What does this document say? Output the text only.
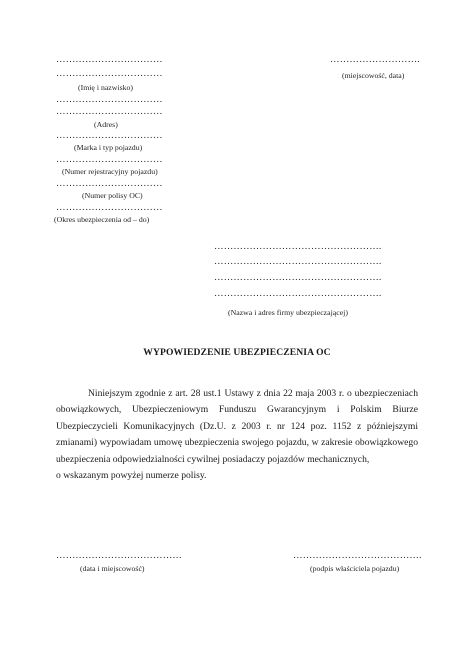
……………………………
……………………………
(Imię i nazwisko)
……………………………
……………………………
(Adres)
……………………………
(Marka i typ pojazdu)
……………………………
(Numer rejestracyjny pojazdu)
……………………………
(Numer polisy OC)
……………………………
(Okres ubezpieczenia od – do)
……………………….
(miejscowość, data)
…………………………………………….
…………………………………………….
…………………………………………….
…………………………………………….
(Nazwa i adres firmy ubezpieczającej)
WYPOWIEDZENIE UBEZPIECZENIA OC

Niniejszym zgodnie z art. 28 ust.1 Ustawy z dnia 22 maja 2003 r. o ubezpieczeniach obowiązkowych, Ubezpieczeniowym Funduszu Gwarancyjnym i Polskim Biurze Ubezpieczycieli Komunikacyjnych (Dz.U. z 2003 r. nr 124 poz. 1152 z późniejszymi zmianami) wypowiadam umowę ubezpieczenia swojego pojazdu, w zakresie obowiązkowego ubezpieczenia odpowiedzialności cywilnej posiadaczy pojazdów mechanicznych,

o wskazanym powyżej numerze polisy.

…………………………………
(data i miejscowość)
………………………………….
(podpis właściciela pojazdu)
